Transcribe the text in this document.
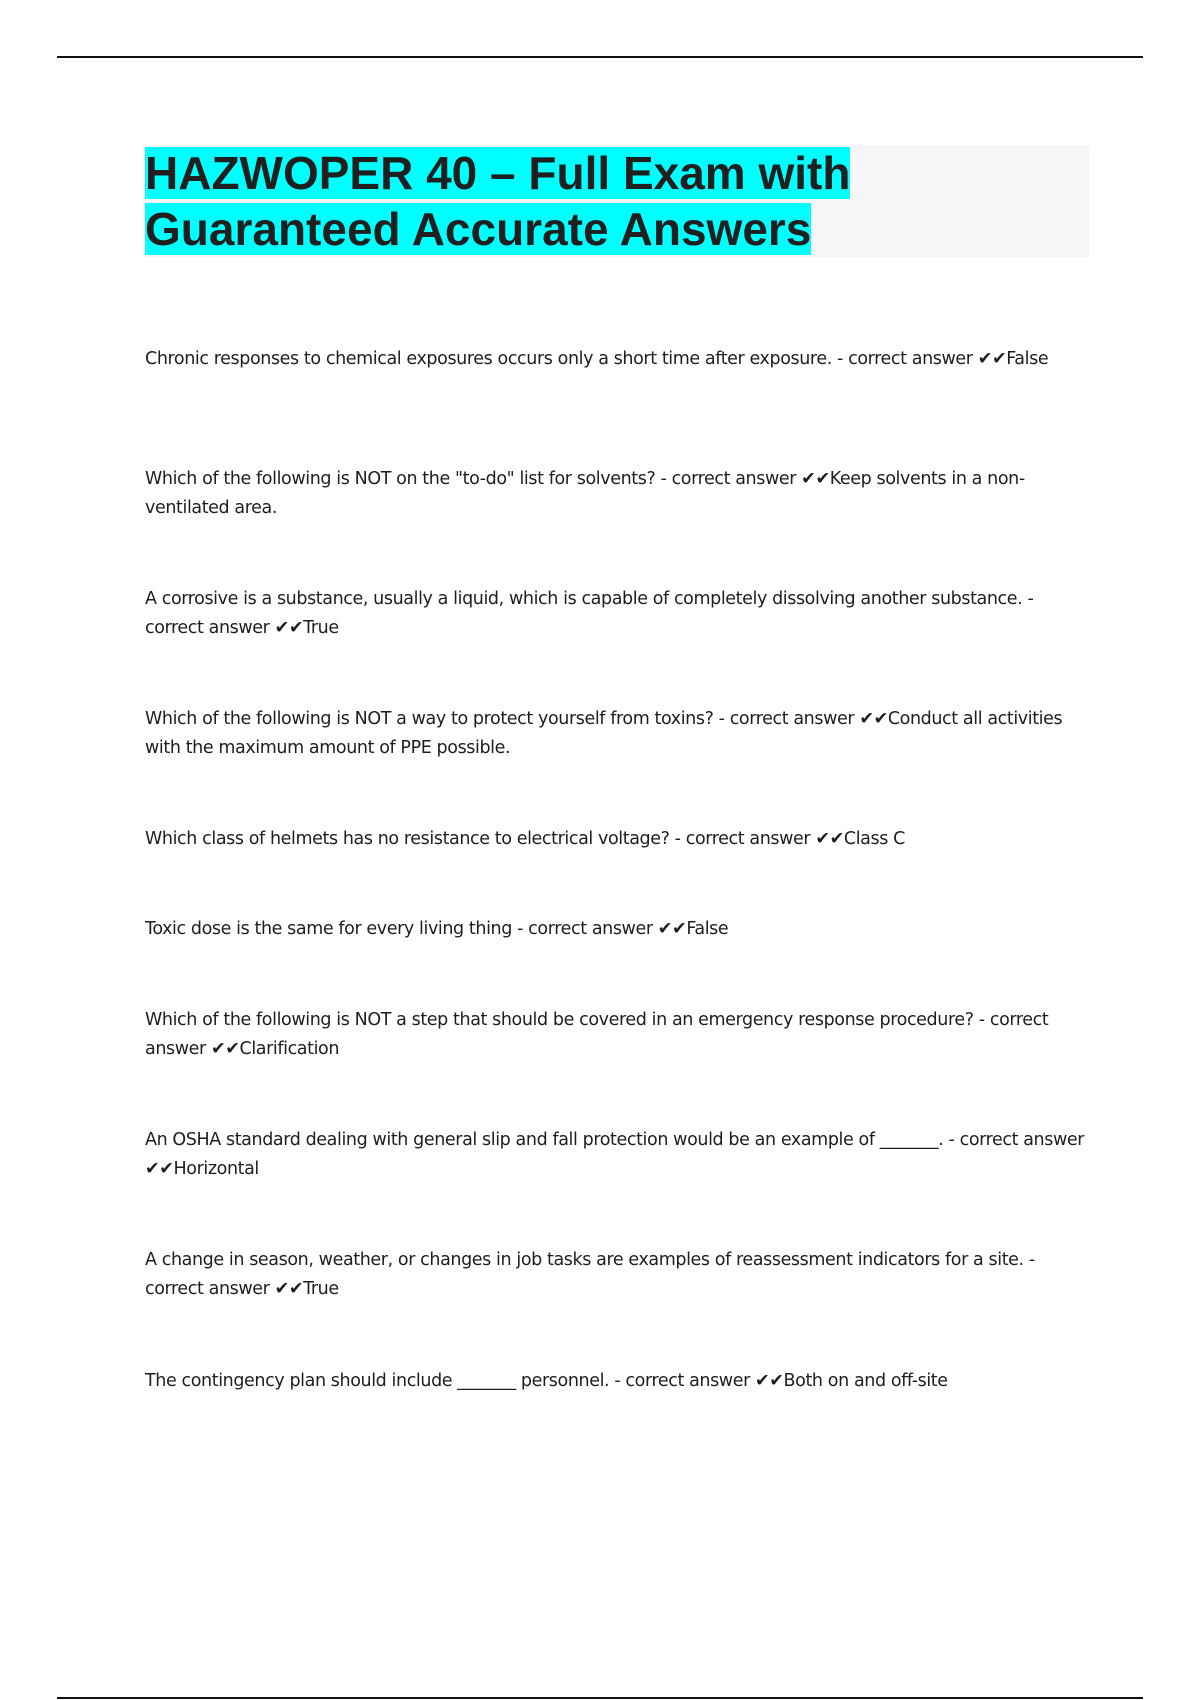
HAZWOPER 40 – Full Exam with Guaranteed Accurate Answers

Chronic responses to chemical exposures occurs only a short time after exposure. - correct answer ✔✔False

Which of the following is NOT on the "to-do" list for solvents? - correct answer ✔✔Keep solvents in a non-ventilated area.

A corrosive is a substance, usually a liquid, which is capable of completely dissolving another substance. - correct answer ✔✔True

Which of the following is NOT a way to protect yourself from toxins? - correct answer ✔✔Conduct all activities with the maximum amount of PPE possible.

Which class of helmets has no resistance to electrical voltage? - correct answer ✔✔Class C

Toxic dose is the same for every living thing - correct answer ✔✔False

Which of the following is NOT a step that should be covered in an emergency response procedure? - correct answer ✔✔Clarification

An OSHA standard dealing with general slip and fall protection would be an example of _______. - correct answer ✔✔Horizontal

A change in season, weather, or changes in job tasks are examples of reassessment indicators for a site. - correct answer ✔✔True

The contingency plan should include _______ personnel. - correct answer ✔✔Both on and off-site
